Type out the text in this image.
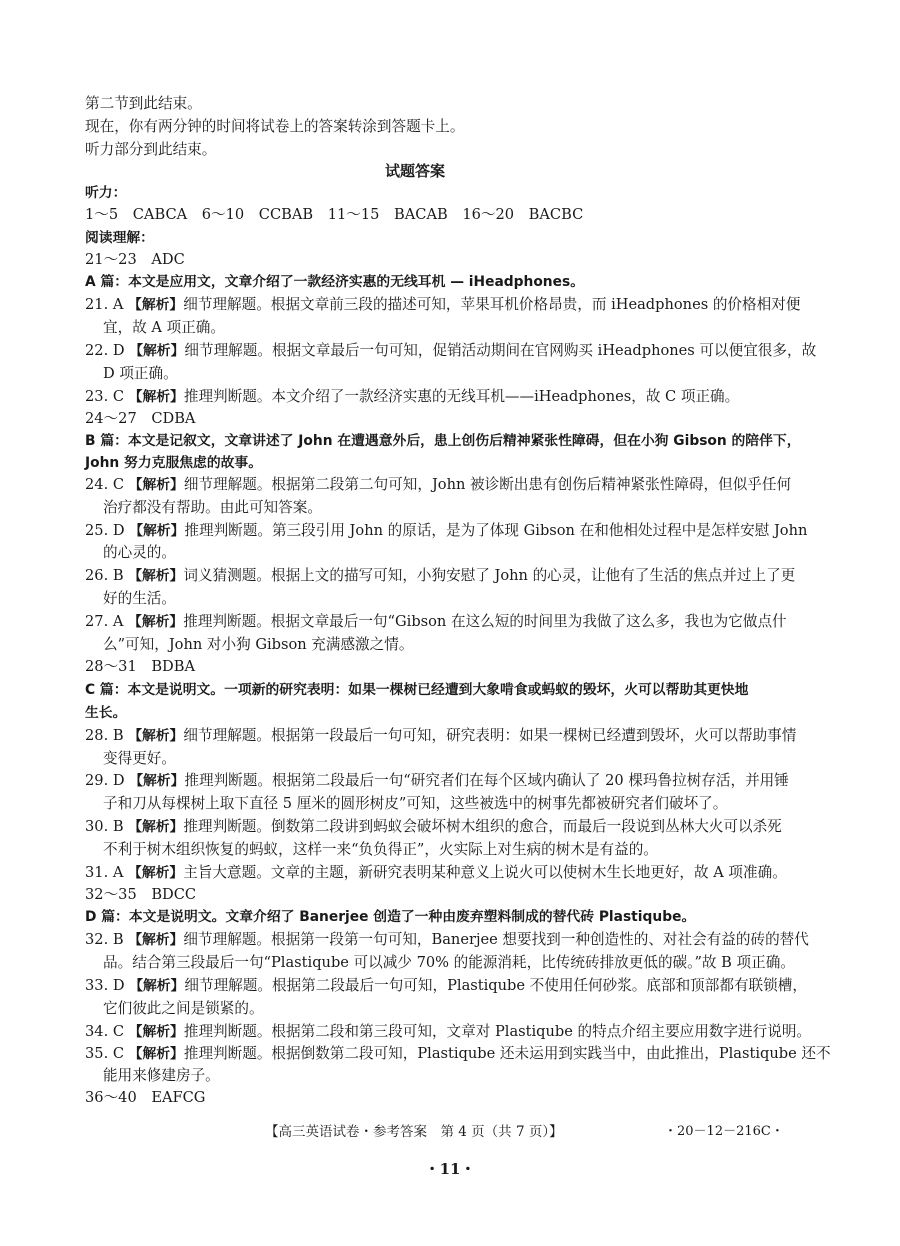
第二节到此结束。
现在，你有两分钟的时间将试卷上的答案转涂到答题卡上。
听力部分到此结束。
试题答案
听力：
1～5　CABCA　6～10　CCBAB　11～15　BACAB　16～20　BACBC
阅读理解：
21～23　ADC
A 篇：本文是应用文，文章介绍了一款经济实惠的无线耳机 — iHeadphones。
21. A 【解析】细节理解题。根据文章前三段的描述可知，苹果耳机价格昂贵，而 iHeadphones 的价格相对便
宜，故 A 项正确。
22. D 【解析】细节理解题。根据文章最后一句可知，促销活动期间在官网购买 iHeadphones 可以便宜很多，故
D 项正确。
23. C 【解析】推理判断题。本文介绍了一款经济实惠的无线耳机——iHeadphones，故 C 项正确。
24～27　CDBA
B 篇：本文是记叙文，文章讲述了 John 在遭遇意外后，患上创伤后精神紧张性障碍，但在小狗 Gibson 的陪伴下，
John 努力克服焦虑的故事。
24. C 【解析】细节理解题。根据第二段第二句可知，John 被诊断出患有创伤后精神紧张性障碍，但似乎任何
治疗都没有帮助。由此可知答案。
25. D 【解析】推理判断题。第三段引用 John 的原话，是为了体现 Gibson 在和他相处过程中是怎样安慰 John
的心灵的。
26. B 【解析】词义猜测题。根据上文的描写可知，小狗安慰了 John 的心灵，让他有了生活的焦点并过上了更
好的生活。
27. A 【解析】推理判断题。根据文章最后一句“Gibson 在这么短的时间里为我做了这么多，我也为它做点什
么”可知，John 对小狗 Gibson 充满感激之情。
28～31　BDBA
C 篇：本文是说明文。一项新的研究表明：如果一棵树已经遭到大象啃食或蚂蚁的毁坏，火可以帮助其更快地
生长。
28. B 【解析】细节理解题。根据第一段最后一句可知，研究表明：如果一棵树已经遭到毁坏，火可以帮助事情
变得更好。
29. D 【解析】推理判断题。根据第二段最后一句“研究者们在每个区域内确认了 20 棵玛鲁拉树存活，并用锤
子和刀从每棵树上取下直径 5 厘米的圆形树皮”可知，这些被选中的树事先都被研究者们破坏了。
30. B 【解析】推理判断题。倒数第二段讲到蚂蚁会破坏树木组织的愈合，而最后一段说到丛林大火可以杀死
不利于树木组织恢复的蚂蚁，这样一来“负负得正”，火实际上对生病的树木是有益的。
31. A 【解析】主旨大意题。文章的主题，新研究表明某种意义上说火可以使树木生长地更好，故 A 项准确。
32～35　BDCC
D 篇：本文是说明文。文章介绍了 Banerjee 创造了一种由废弃塑料制成的替代砖 Plastiqube。
32. B 【解析】细节理解题。根据第一段第一句可知，Banerjee 想要找到一种创造性的、对社会有益的砖的替代
品。结合第三段最后一句“Plastiqube 可以减少 70% 的能源消耗，比传统砖排放更低的碳。”故 B 项正确。
33. D 【解析】细节理解题。根据第二段最后一句可知，Plastiqube 不使用任何砂浆。底部和顶部都有联锁槽，
它们彼此之间是锁紧的。
34. C 【解析】推理判断题。根据第二段和第三段可知，文章对 Plastiqube 的特点介绍主要应用数字进行说明。
35. C 【解析】推理判断题。根据倒数第二段可知，Plastiqube 还未运用到实践当中，由此推出，Plastiqube 还不
能用来修建房子。
36～40　EAFCG
【高三英语试卷・参考答案　第 4 页（共 7 页）】	・20－12－216C・
・11・
